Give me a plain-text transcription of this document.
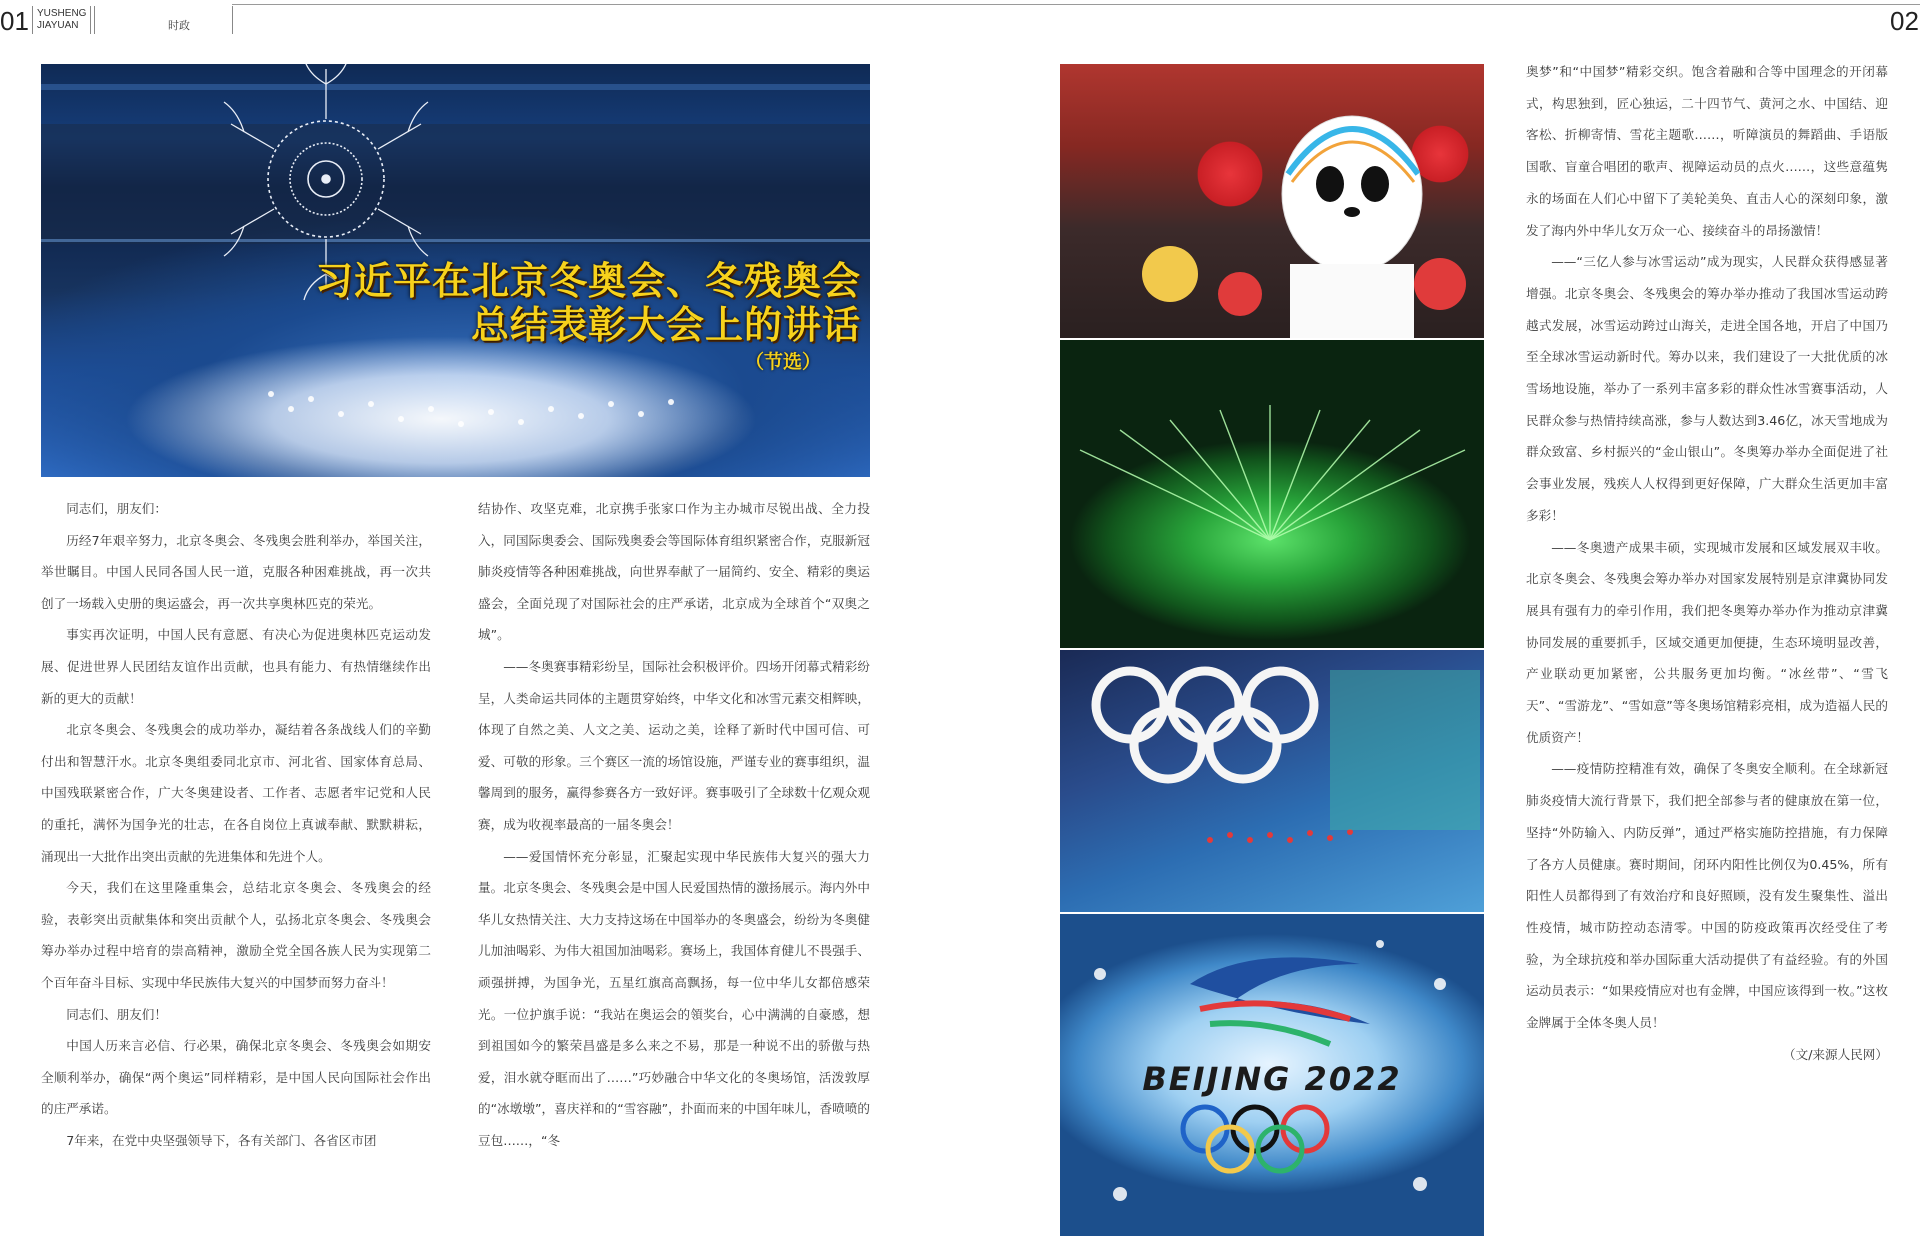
01 YUSHENG
JIAYUAN	时政	02
习近平在北京冬奥会、冬残奥会
总结表彰大会上的讲话
（节选）

同志们，朋友们：

历经7年艰辛努力，北京冬奥会、冬残奥会胜利举办，举国关注，举世瞩目。中国人民同各国人民一道，克服各种困难挑战，再一次共创了一场载入史册的奥运盛会，再一次共享奥林匹克的荣光。

事实再次证明，中国人民有意愿、有决心为促进奥林匹克运动发展、促进世界人民团结友谊作出贡献，也具有能力、有热情继续作出新的更大的贡献！

北京冬奥会、冬残奥会的成功举办，凝结着各条战线人们的辛勤付出和智慧汗水。北京冬奥组委同北京市、河北省、国家体育总局、中国残联紧密合作，广大冬奥建设者、工作者、志愿者牢记党和人民的重托，满怀为国争光的壮志，在各自岗位上真诚奉献、默默耕耘，涌现出一大批作出突出贡献的先进集体和先进个人。

今天，我们在这里隆重集会，总结北京冬奥会、冬残奥会的经验，表彰突出贡献集体和突出贡献个人，弘扬北京冬奥会、冬残奥会筹办举办过程中培育的崇高精神，激励全党全国各族人民为实现第二个百年奋斗目标、实现中华民族伟大复兴的中国梦而努力奋斗！

同志们、朋友们！

中国人历来言必信、行必果，确保北京冬奥会、冬残奥会如期安全顺利举办，确保“两个奥运”同样精彩，是中国人民向国际社会作出的庄严承诺。

7年来，在党中央坚强领导下，各有关部门、各省区市团

结协作、攻坚克难，北京携手张家口作为主办城市尽锐出战、全力投入，同国际奥委会、国际残奥委会等国际体育组织紧密合作，克服新冠肺炎疫情等各种困难挑战，向世界奉献了一届简约、安全、精彩的奥运盛会，全面兑现了对国际社会的庄严承诺，北京成为全球首个“双奥之城”。

——冬奥赛事精彩纷呈，国际社会积极评价。四场开闭幕式精彩纷呈，人类命运共同体的主题贯穿始终，中华文化和冰雪元素交相辉映，体现了自然之美、人文之美、运动之美，诠释了新时代中国可信、可爱、可敬的形象。三个赛区一流的场馆设施，严谨专业的赛事组织，温馨周到的服务，赢得参赛各方一致好评。赛事吸引了全球数十亿观众观赛，成为收视率最高的一届冬奥会！

——爱国情怀充分彰显，汇聚起实现中华民族伟大复兴的强大力量。北京冬奥会、冬残奥会是中国人民爱国热情的激扬展示。海内外中华儿女热情关注、大力支持这场在中国举办的冬奥盛会，纷纷为冬奥健儿加油喝彩、为伟大祖国加油喝彩。赛场上，我国体育健儿不畏强手、顽强拼搏，为国争光，五星红旗高高飘扬，每一位中华儿女都倍感荣光。一位护旗手说：“我站在奥运会的領奖台，心中满满的自豪感，想到祖国如今的繁荣昌盛是多么来之不易，那是一种说不出的骄傲与热爱，泪水就夺眶而出了……”巧妙融合中华文化的冬奥场馆，活泼敦厚的“冰墩墩”，喜庆祥和的“雪容融”，扑面而来的中国年味儿，香喷喷的豆包……，“冬

BEIJING 2022

奥梦”和“中国梦”精彩交织。饱含着融和合等中国理念的开闭幕式，构思独到，匠心独运，二十四节气、黄河之水、中国结、迎客松、折柳寄情、雪花主题歌……，听障演员的舞蹈曲、手语版国歌、盲童合唱团的歌声、视障运动员的点火……，这些意蕴隽永的场面在人们心中留下了美轮美奂、直击人心的深刻印象，激发了海内外中华儿女万众一心、接续奋斗的昂扬激情！

——“三亿人参与冰雪运动”成为现实，人民群众获得感显著增强。北京冬奥会、冬残奥会的筹办举办推动了我国冰雪运动跨越式发展，冰雪运动跨过山海关，走进全国各地，开启了中国乃至全球冰雪运动新时代。筹办以来，我们建设了一大批优质的冰雪场地设施，举办了一系列丰富多彩的群众性冰雪赛事活动，人民群众参与热情持续高涨，参与人数达到3.46亿，冰天雪地成为群众致富、乡村振兴的“金山银山”。冬奥筹办举办全面促进了社会事业发展，残疾人人权得到更好保障，广大群众生活更加丰富多彩！

——冬奥遗产成果丰硕，实现城市发展和区域发展双丰收。北京冬奥会、冬残奥会筹办举办对国家发展特别是京津冀协同发展具有强有力的牵引作用，我们把冬奥筹办举办作为推动京津冀协同发展的重要抓手，区域交通更加便捷，生态环境明显改善，产业联动更加紧密，公共服务更加均衡。“冰丝带”、“雪飞天”、“雪游龙”、“雪如意”等冬奥场馆精彩亮相，成为造福人民的优质资产！

——疫情防控精准有效，确保了冬奥安全顺利。在全球新冠肺炎疫情大流行背景下，我们把全部参与者的健康放在第一位，坚持“外防输入、内防反弹”，通过严格实施防控措施，有力保障了各方人员健康。赛时期间，闭环内阳性比例仅为0.45%，所有阳性人员都得到了有效治疗和良好照顾，没有发生聚集性、溢出性疫情，城市防控动态清零。中国的防疫政策再次经受住了考验，为全球抗疫和举办国际重大活动提供了有益经验。有的外国运动员表示：“如果疫情应对也有金牌，中国应该得到一枚。”这枚金牌属于全体冬奥人员！

（文/来源人民网）
